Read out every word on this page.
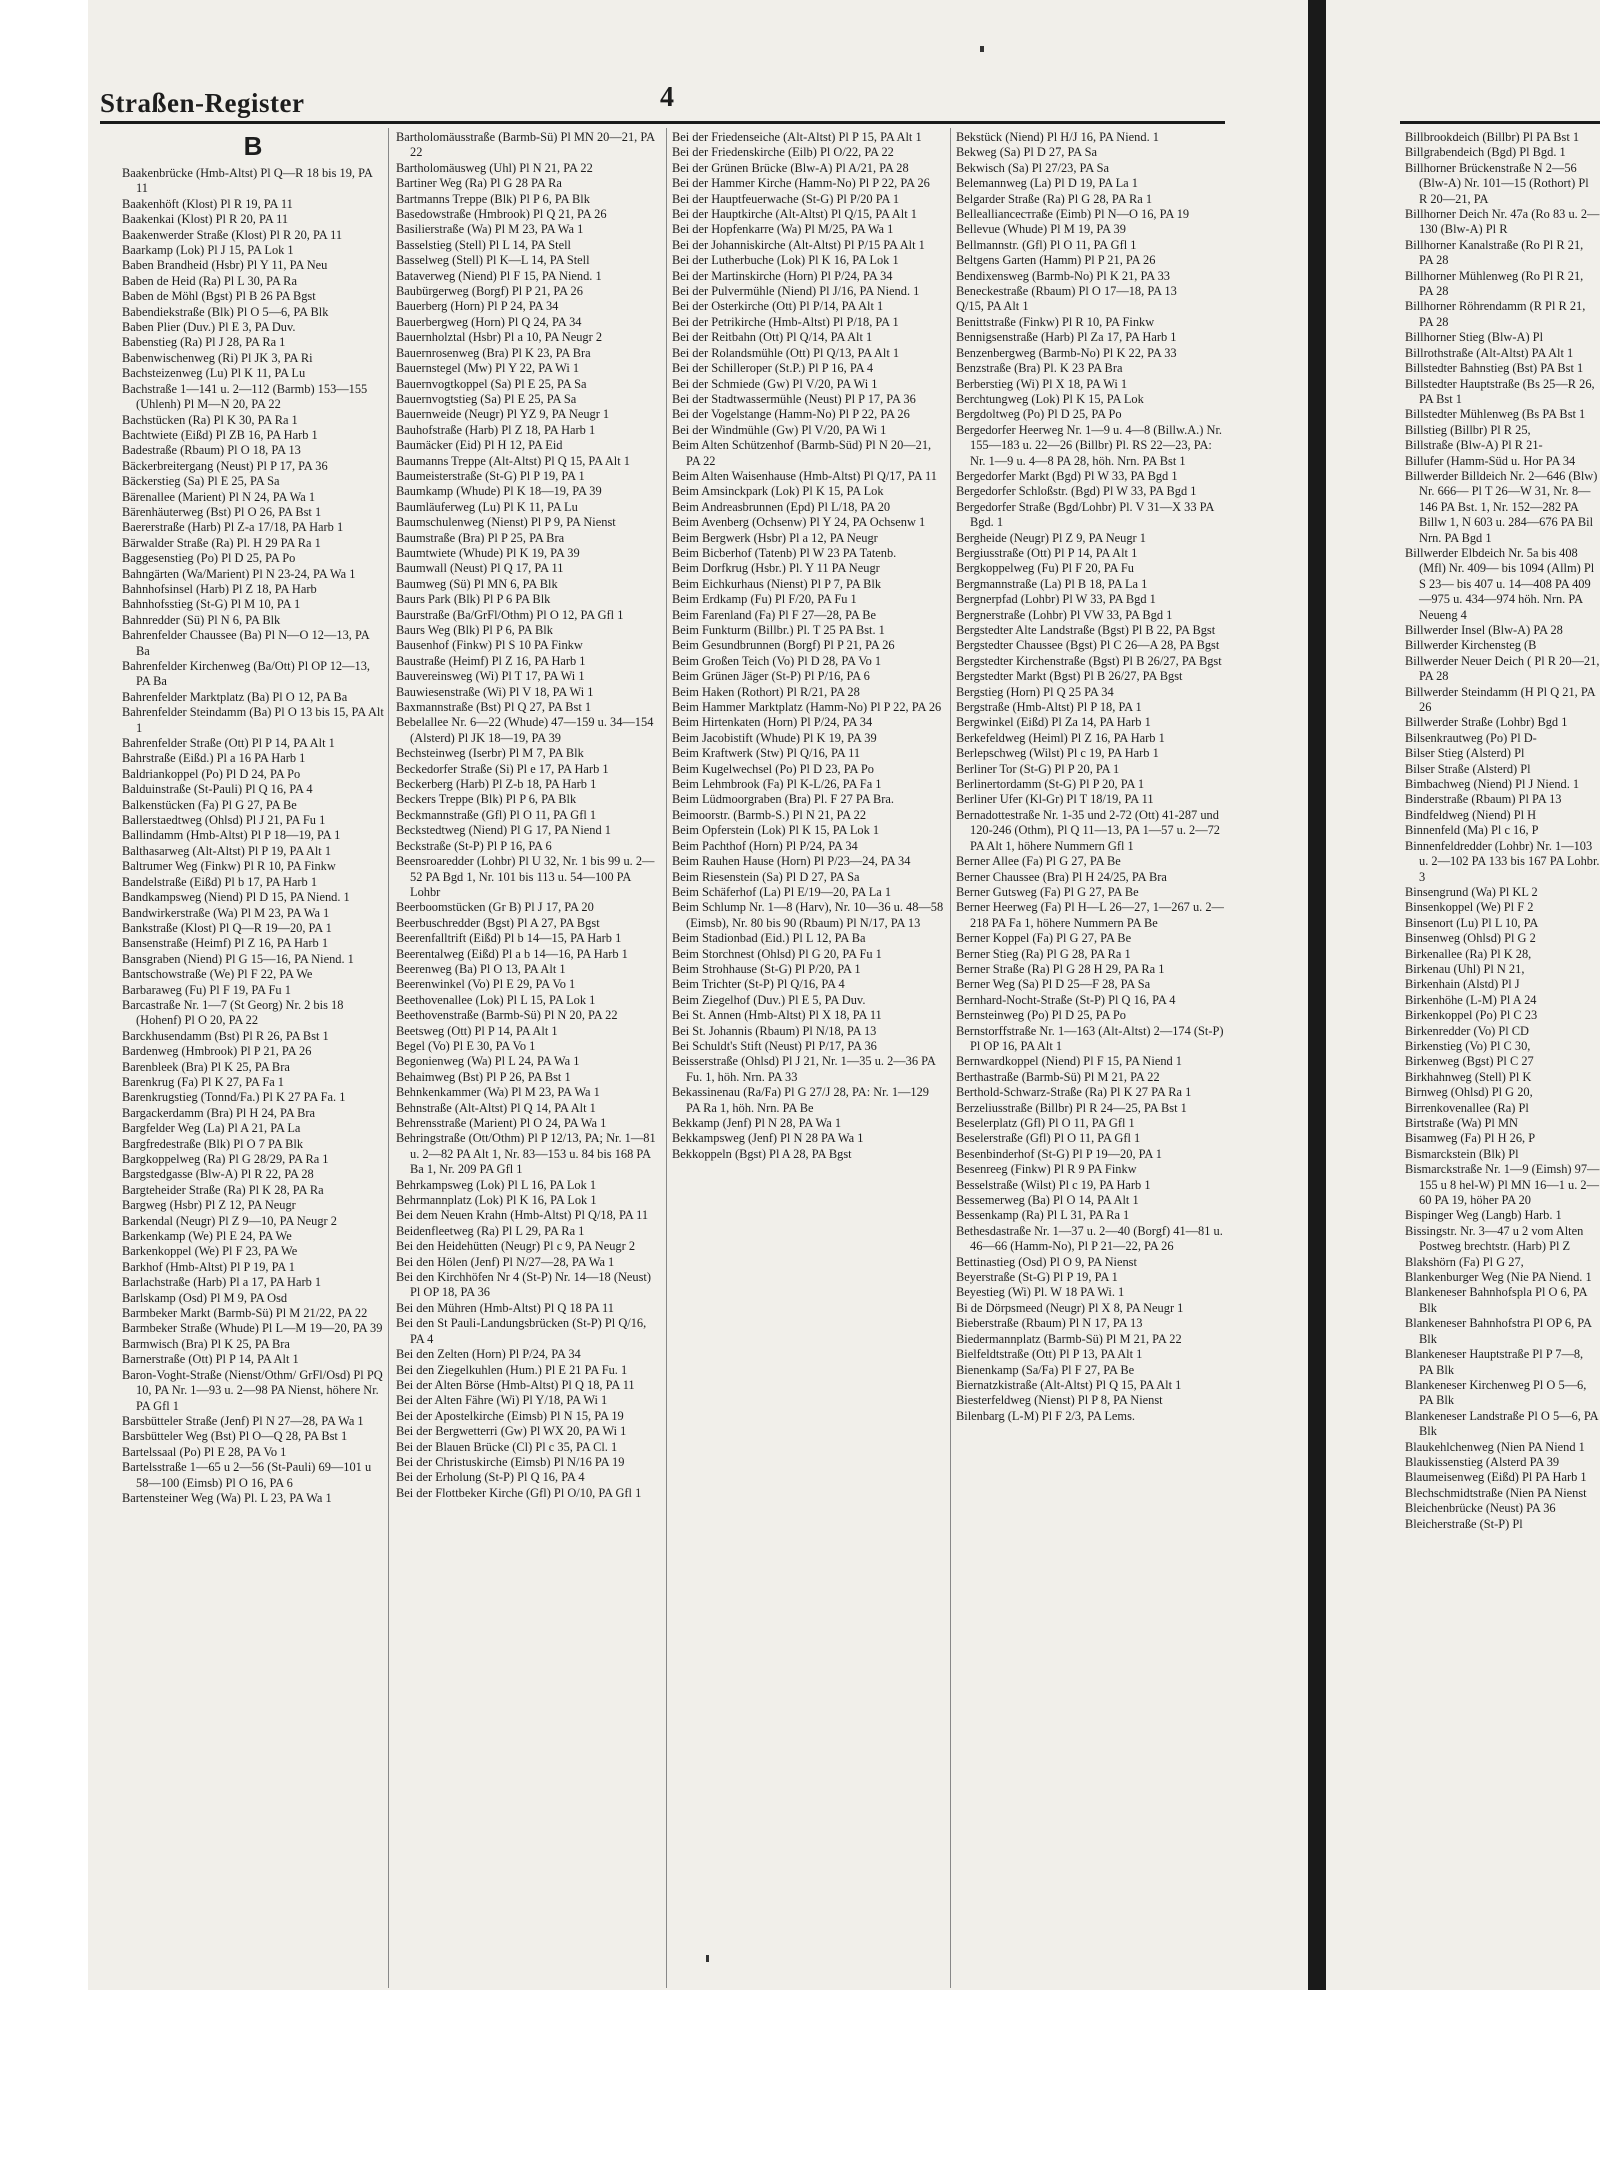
Straßen-Register	4
B

Baakenbrücke (Hmb-Altst) Pl Q—R 18 bis 19, PA 11

Baakenhöft (Klost) Pl R 19, PA 11

Baakenkai (Klost) Pl R 20, PA 11

Baakenwerder Straße (Klost) Pl R 20, PA 11

Baarkamp (Lok) Pl J 15, PA Lok 1

Baben Brandheid (Hsbr) Pl Y 11, PA Neu

Baben de Heid (Ra) Pl L 30, PA Ra

Baben de Möhl (Bgst) Pl B 26 PA Bgst

Babendiekstraße (Blk) Pl O 5—6, PA Blk

Baben Plier (Duv.) Pl E 3, PA Duv.

Babenstieg (Ra) Pl J 28, PA Ra 1

Babenwischenweg (Ri) Pl JK 3, PA Ri

Bachsteizenweg (Lu) Pl K 11, PA Lu

Bachstraße 1—141 u. 2—112 (Barmb) 153—155 (Uhlenh) Pl M—N 20, PA 22

Bachstücken (Ra) Pl K 30, PA Ra 1

Bachtwiete (Eißd) Pl ZB 16, PA Harb 1

Badestraße (Rbaum) Pl O 18, PA 13

Bäckerbreitergang (Neust) Pl P 17, PA 36

Bäckerstieg (Sa) Pl E 25, PA Sa

Bärenallee (Marient) Pl N 24, PA Wa 1

Bärenhäuterweg (Bst) Pl O 26, PA Bst 1

Baererstraße (Harb) Pl Z-a 17/18, PA Harb 1

Bärwalder Straße (Ra) Pl. H 29 PA Ra 1

Baggesenstieg (Po) Pl D 25, PA Po

Bahngärten (Wa/Marient) Pl N 23-24, PA Wa 1

Bahnhofsinsel (Harb) Pl Z 18, PA Harb

Bahnhofsstieg (St-G) Pl M 10, PA 1

Bahnredder (Sü) Pl N 6, PA Blk

Bahrenfelder Chaussee (Ba) Pl N—O 12—13, PA Ba

Bahrenfelder Kirchenweg (Ba/Ott) Pl OP 12—13, PA Ba

Bahrenfelder Marktplatz (Ba) Pl O 12, PA Ba

Bahrenfelder Steindamm (Ba) Pl O 13 bis 15, PA Alt 1

Bahrenfelder Straße (Ott) Pl P 14, PA Alt 1

Bahrstraße (Eißd.) Pl a 16 PA Harb 1

Baldriankoppel (Po) Pl D 24, PA Po

Balduinstraße (St-Pauli) Pl Q 16, PA 4

Balkenstücken (Fa) Pl G 27, PA Be

Ballerstaedtweg (Ohlsd) Pl J 21, PA Fu 1

Ballindamm (Hmb-Altst) Pl P 18—19, PA 1

Balthasarweg (Alt-Altst) Pl P 19, PA Alt 1

Baltrumer Weg (Finkw) Pl R 10, PA Finkw

Bandelstraße (Eißd) Pl b 17, PA Harb 1

Bandkampsweg (Niend) Pl D 15, PA Niend. 1

Bandwirkerstraße (Wa) Pl M 23, PA Wa 1

Bankstraße (Klost) Pl Q—R 19—20, PA 1

Bansenstraße (Heimf) Pl Z 16, PA Harb 1

Bansgraben (Niend) Pl G 15—16, PA Niend. 1

Bantschowstraße (We) Pl F 22, PA We

Barbaraweg (Fu) Pl F 19, PA Fu 1

Barcastraße Nr. 1—7 (St Georg) Nr. 2 bis 18 (Hohenf) Pl O 20, PA 22

Barckhusendamm (Bst) Pl R 26, PA Bst 1

Bardenweg (Hmbrook) Pl P 21, PA 26

Barenbleek (Bra) Pl K 25, PA Bra

Barenkrug (Fa) Pl K 27, PA Fa 1

Barenkrugstieg (Tonnd/Fa.) Pl K 27 PA Fa. 1

Bargackerdamm (Bra) Pl H 24, PA Bra

Bargfelder Weg (La) Pl A 21, PA La

Bargfredestraße (Blk) Pl O 7 PA Blk

Bargkoppelweg (Ra) Pl G 28/29, PA Ra 1

Bargstedgasse (Blw-A) Pl R 22, PA 28

Bargteheider Straße (Ra) Pl K 28, PA Ra

Bargweg (Hsbr) Pl Z 12, PA Neugr

Barkendal (Neugr) Pl Z 9—10, PA Neugr 2

Barkenkamp (We) Pl E 24, PA We

Barkenkoppel (We) Pl F 23, PA We

Barkhof (Hmb-Altst) Pl P 19, PA 1

Barlachstraße (Harb) Pl a 17, PA Harb 1

Barlskamp (Osd) Pl M 9, PA Osd

Barmbeker Markt (Barmb-Sü) Pl M 21/22, PA 22

Barmbeker Straße (Whude) Pl L—M 19—20, PA 39

Barmwisch (Bra) Pl K 25, PA Bra

Barnerstraße (Ott) Pl P 14, PA Alt 1

Baron-Voght-Straße (Nienst/Othm/ GrFl/Osd) Pl PQ 10, PA Nr. 1—93 u. 2—98 PA Nienst, höhere Nr. PA Gfl 1

Barsbütteler Straße (Jenf) Pl N 27—28, PA Wa 1

Barsbütteler Weg (Bst) Pl O—Q 28, PA Bst 1

Bartelssaal (Po) Pl E 28, PA Vo 1

Bartelsstraße 1—65 u 2—56 (St-Pauli) 69—101 u 58—100 (Eimsb) Pl O 16, PA 6

Bartensteiner Weg (Wa) Pl. L 23, PA Wa 1

Bartholomäusstraße (Barmb-Sü) Pl MN 20—21, PA 22

Bartholomäusweg (Uhl) Pl N 21, PA 22

Bartiner Weg (Ra) Pl G 28 PA Ra

Bartmanns Treppe (Blk) Pl P 6, PA Blk

Basedowstraße (Hmbrook) Pl Q 21, PA 26

Basilierstraße (Wa) Pl M 23, PA Wa 1

Basselstieg (Stell) Pl L 14, PA Stell

Basselweg (Stell) Pl K—L 14, PA Stell

Bataverweg (Niend) Pl F 15, PA Niend. 1

Baubürgerweg (Borgf) Pl P 21, PA 26

Bauerberg (Horn) Pl P 24, PA 34

Bauerbergweg (Horn) Pl Q 24, PA 34

Bauernholztal (Hsbr) Pl a 10, PA Neugr 2

Bauernrosenweg (Bra) Pl K 23, PA Bra

Bauernstegel (Mw) Pl Y 22, PA Wi 1

Bauernvogtkoppel (Sa) Pl E 25, PA Sa

Bauernvogtstieg (Sa) Pl E 25, PA Sa

Bauernweide (Neugr) Pl YZ 9, PA Neugr 1

Bauhofstraße (Harb) Pl Z 18, PA Harb 1

Baumäcker (Eid) Pl H 12, PA Eid

Baumanns Treppe (Alt-Altst) Pl Q 15, PA Alt 1

Baumeisterstraße (St-G) Pl P 19, PA 1

Baumkamp (Whude) Pl K 18—19, PA 39

Baumläuferweg (Lu) Pl K 11, PA Lu

Baumschulenweg (Nienst) Pl P 9, PA Nienst

Baumstraße (Bra) Pl P 25, PA Bra

Baumtwiete (Whude) Pl K 19, PA 39

Baumwall (Neust) Pl Q 17, PA 11

Baumweg (Sü) Pl MN 6, PA Blk

Baurs Park (Blk) Pl P 6 PA Blk

Baurstraße (Ba/GrFl/Othm) Pl O 12, PA Gfl 1

Baurs Weg (Blk) Pl P 6, PA Blk

Bausenhof (Finkw) Pl S 10 PA Finkw

Baustraße (Heimf) Pl Z 16, PA Harb 1

Bauvereinsweg (Wi) Pl T 17, PA Wi 1

Bauwiesenstraße (Wi) Pl V 18, PA Wi 1

Baxmannstraße (Bst) Pl Q 27, PA Bst 1

Bebelallee Nr. 6—22 (Whude) 47—159 u. 34—154 (Alsterd) Pl JK 18—19, PA 39

Bechsteinweg (Iserbr) Pl M 7, PA Blk

Beckedorfer Straße (Si) Pl e 17, PA Harb 1

Beckerberg (Harb) Pl Z-b 18, PA Harb 1

Beckers Treppe (Blk) Pl P 6, PA Blk

Beckmannstraße (Gfl) Pl O 11, PA Gfl 1

Beckstedtweg (Niend) Pl G 17, PA Niend 1

Beckstraße (St-P) Pl P 16, PA 6

Beensroaredder (Lohbr) Pl U 32, Nr. 1 bis 99 u. 2—52 PA Bgd 1, Nr. 101 bis 113 u. 54—100 PA Lohbr

Beerboomstücken (Gr B) Pl J 17, PA 20

Beerbuschredder (Bgst) Pl A 27, PA Bgst

Beerenfalltrift (Eißd) Pl b 14—15, PA Harb 1

Beerentalweg (Eißd) Pl a b 14—16, PA Harb 1

Beerenweg (Ba) Pl O 13, PA Alt 1

Beerenwinkel (Vo) Pl E 29, PA Vo 1

Beethovenallee (Lok) Pl L 15, PA Lok 1

Beethovenstraße (Barmb-Sü) Pl N 20, PA 22

Beetsweg (Ott) Pl P 14, PA Alt 1

Begel (Vo) Pl E 30, PA Vo 1

Begonienweg (Wa) Pl L 24, PA Wa 1

Behaimweg (Bst) Pl P 26, PA Bst 1

Behnkenkammer (Wa) Pl M 23, PA Wa 1

Behnstraße (Alt-Altst) Pl Q 14, PA Alt 1

Behrensstraße (Marient) Pl O 24, PA Wa 1

Behringstraße (Ott/Othm) Pl P 12/13, PA; Nr. 1—81 u. 2—82 PA Alt 1, Nr. 83—153 u. 84 bis 168 PA Ba 1, Nr. 209 PA Gfl 1

Behrkampsweg (Lok) Pl L 16, PA Lok 1

Behrmannplatz (Lok) Pl K 16, PA Lok 1

Bei dem Neuen Krahn (Hmb-Altst) Pl Q/18, PA 11

Beidenfleetweg (Ra) Pl L 29, PA Ra 1

Bei den Heidehütten (Neugr) Pl c 9, PA Neugr 2

Bei den Hölen (Jenf) Pl N/27—28, PA Wa 1

Bei den Kirchhöfen Nr 4 (St-P) Nr. 14—18 (Neust) Pl OP 18, PA 36

Bei den Mühren (Hmb-Altst) Pl Q 18 PA 11

Bei den St Pauli-Landungsbrücken (St-P) Pl Q/16, PA 4

Bei den Zelten (Horn) Pl P/24, PA 34

Bei den Ziegelkuhlen (Hum.) Pl E 21 PA Fu. 1

Bei der Alten Börse (Hmb-Altst) Pl Q 18, PA 11

Bei der Alten Fähre (Wi) Pl Y/18, PA Wi 1

Bei der Apostelkirche (Eimsb) Pl N 15, PA 19

Bei der Bergwetterri (Gw) Pl WX 20, PA Wi 1

Bei der Blauen Brücke (Cl) Pl c 35, PA Cl. 1

Bei der Christuskirche (Eimsb) Pl N/16 PA 19

Bei der Erholung (St-P) Pl Q 16, PA 4

Bei der Flottbeker Kirche (Gfl) Pl O/10, PA Gfl 1

Bei der Friedenseiche (Alt-Altst) Pl P 15, PA Alt 1

Bei der Friedenskirche (Eilb) Pl O/22, PA 22

Bei der Grünen Brücke (Blw-A) Pl A/21, PA 28

Bei der Hammer Kirche (Hamm-No) Pl P 22, PA 26

Bei der Hauptfeuerwache (St-G) Pl P/20 PA 1

Bei der Hauptkirche (Alt-Altst) Pl Q/15, PA Alt 1

Bei der Hopfenkarre (Wa) Pl M/25, PA Wa 1

Bei der Johanniskirche (Alt-Altst) Pl P/15 PA Alt 1

Bei der Lutherbuche (Lok) Pl K 16, PA Lok 1

Bei der Martinskirche (Horn) Pl P/24, PA 34

Bei der Pulvermühle (Niend) Pl J/16, PA Niend. 1

Bei der Osterkirche (Ott) Pl P/14, PA Alt 1

Bei der Petrikirche (Hmb-Altst) Pl P/18, PA 1

Bei der Reitbahn (Ott) Pl Q/14, PA Alt 1

Bei der Rolandsmühle (Ott) Pl Q/13, PA Alt 1

Bei der Schilleroper (St.P.) Pl P 16, PA 4

Bei der Schmiede (Gw) Pl V/20, PA Wi 1

Bei der Stadtwassermühle (Neust) Pl P 17, PA 36

Bei der Vogelstange (Hamm-No) Pl P 22, PA 26

Bei der Windmühle (Gw) Pl V/20, PA Wi 1

Beim Alten Schützenhof (Barmb-Süd) Pl N 20—21, PA 22

Beim Alten Waisenhause (Hmb-Altst) Pl Q/17, PA 11

Beim Amsinckpark (Lok) Pl K 15, PA Lok

Beim Andreasbrunnen (Epd) Pl L/18, PA 20

Beim Avenberg (Ochsenw) Pl Y 24, PA Ochsenw 1

Beim Bergwerk (Hsbr) Pl a 12, PA Neugr

Beim Bicberhof (Tatenb) Pl W 23 PA Tatenb.

Beim Dorfkrug (Hsbr.) Pl. Y 11 PA Neugr

Beim Eichkurhaus (Nienst) Pl P 7, PA Blk

Beim Erdkamp (Fu) Pl F/20, PA Fu 1

Beim Farenland (Fa) Pl F 27—28, PA Be

Beim Funkturm (Billbr.) Pl. T 25 PA Bst. 1

Beim Gesundbrunnen (Borgf) Pl P 21, PA 26

Beim Großen Teich (Vo) Pl D 28, PA Vo 1

Beim Grünen Jäger (St-P) Pl P/16, PA 6

Beim Haken (Rothort) Pl R/21, PA 28

Beim Hammer Marktplatz (Hamm-No) Pl P 22, PA 26

Beim Hirtenkaten (Horn) Pl P/24, PA 34

Beim Jacobistift (Whude) Pl K 19, PA 39

Beim Kraftwerk (Stw) Pl Q/16, PA 11

Beim Kugelwechsel (Po) Pl D 23, PA Po

Beim Lehmbrook (Fa) Pl K-L/26, PA Fa 1

Beim Lüdmoorgraben (Bra) Pl. F 27 PA Bra.

Beimoorstr. (Barmb-S.) Pl N 21, PA 22

Beim Opferstein (Lok) Pl K 15, PA Lok 1

Beim Pachthof (Horn) Pl P/24, PA 34

Beim Rauhen Hause (Horn) Pl P/23—24, PA 34

Beim Riesenstein (Sa) Pl D 27, PA Sa

Beim Schäferhof (La) Pl E/19—20, PA La 1

Beim Schlump Nr. 1—8 (Harv), Nr. 10—36 u. 48—58 (Eimsb), Nr. 80 bis 90 (Rbaum) Pl N/17, PA 13

Beim Stadionbad (Eid.) Pl L 12, PA Ba

Beim Storchnest (Ohlsd) Pl G 20, PA Fu 1

Beim Strohhause (St-G) Pl P/20, PA 1

Beim Trichter (St-P) Pl Q/16, PA 4

Beim Ziegelhof (Duv.) Pl E 5, PA Duv.

Bei St. Annen (Hmb-Altst) Pl X 18, PA 11

Bei St. Johannis (Rbaum) Pl N/18, PA 13

Bei Schuldt's Stift (Neust) Pl P/17, PA 36

Beisserstraße (Ohlsd) Pl J 21, Nr. 1—35 u. 2—36 PA Fu. 1, höh. Nrn. PA 33

Bekassinenau (Ra/Fa) Pl G 27/J 28, PA: Nr. 1—129 PA Ra 1, höh. Nrn. PA Be

Bekkamp (Jenf) Pl N 28, PA Wa 1

Bekkampsweg (Jenf) Pl N 28 PA Wa 1

Bekkoppeln (Bgst) Pl A 28, PA Bgst

Bekstück (Niend) Pl H/J 16, PA Niend. 1

Bekweg (Sa) Pl D 27, PA Sa

Bekwisch (Sa) Pl 27/23, PA Sa

Belemannweg (La) Pl D 19, PA La 1

Belgarder Straße (Ra) Pl G 28, PA Ra 1

Belleallianceстraße (Eimb) Pl N—O 16, PA 19

Bellevue (Whude) Pl M 19, PA 39

Bellmannstr. (Gfl) Pl O 11, PA Gfl 1

Beltgens Garten (Hamm) Pl P 21, PA 26

Bendixensweg (Barmb-No) Pl K 21, PA 33

Beneckestraße (Rbaum) Pl O 17—18, PA 13

Q/15, PA Alt 1

Benittstraße (Finkw) Pl R 10, PA Finkw

Bennigsenstraße (Harb) Pl Za 17, PA Harb 1

Benzenbergweg (Barmb-No) Pl K 22, PA 33

Benzstraße (Bra) Pl. K 23 PA Bra

Berberstieg (Wi) Pl X 18, PA Wi 1

Berchtungweg (Lok) Pl K 15, PA Lok

Bergdoltweg (Po) Pl D 25, PA Po

Bergedorfer Heerweg Nr. 1—9 u. 4—8 (Billw.A.) Nr. 155—183 u. 22—26 (Billbr) Pl. RS 22—23, PA: Nr. 1—9 u. 4—8 PA 28, höh. Nrn. PA Bst 1

Bergedorfer Markt (Bgd) Pl W 33, PA Bgd 1

Bergedorfer Schloßstr. (Bgd) Pl W 33, PA Bgd 1

Bergedorfer Straße (Bgd/Lohbr) Pl. V 31—X 33 PA Bgd. 1

Bergheide (Neugr) Pl Z 9, PA Neugr 1

Bergiusstraße (Ott) Pl P 14, PA Alt 1

Bergkoppelweg (Fu) Pl F 20, PA Fu

Bergmannstraße (La) Pl B 18, PA La 1

Bergnerpfad (Lohbr) Pl W 33, PA Bgd 1

Bergnerstraße (Lohbr) Pl VW 33, PA Bgd 1

Bergstedter Alte Landstraße (Bgst) Pl B 22, PA Bgst

Bergstedter Chaussee (Bgst) Pl C 26—A 28, PA Bgst

Bergstedter Kirchenstraße (Bgst) Pl B 26/27, PA Bgst

Bergstedter Markt (Bgst) Pl B 26/27, PA Bgst

Bergstieg (Horn) Pl Q 25 PA 34

Bergstraße (Hmb-Altst) Pl P 18, PA 1

Bergwinkel (Eißd) Pl Za 14, PA Harb 1

Berkefeldweg (Heiml) Pl Z 16, PA Harb 1

Berlepschweg (Wilst) Pl c 19, PA Harb 1

Berliner Tor (St-G) Pl P 20, PA 1

Berlinertordamm (St-G) Pl P 20, PA 1

Berliner Ufer (Kl-Gr) Pl T 18/19, PA 11

Bernadottestraße Nr. 1-35 und 2-72 (Ott) 41-287 und 120-246 (Othm), Pl Q 11—13, PA 1—57 u. 2—72 PA Alt 1, höhere Nummern Gfl 1

Berner Allee (Fa) Pl G 27, PA Be

Berner Chaussee (Bra) Pl H 24/25, PA Bra

Berner Gutsweg (Fa) Pl G 27, PA Be

Berner Heerweg (Fa) Pl H—L 26—27, 1—267 u. 2—218 PA Fa 1, höhere Nummern PA Be

Berner Koppel (Fa) Pl G 27, PA Be

Berner Stieg (Ra) Pl G 28, PA Ra 1

Berner Straße (Ra) Pl G 28 H 29, PA Ra 1

Berner Weg (Sa) Pl D 25—F 28, PA Sa

Bernhard-Nocht-Straße (St-P) Pl Q 16, PA 4

Bernsteinweg (Po) Pl D 25, PA Po

Bernstorffstraße Nr. 1—163 (Alt-Altst) 2—174 (St-P) Pl OP 16, PA Alt 1

Bernwardkoppel (Niend) Pl F 15, PA Niend 1

Berthastraße (Barmb-Sü) Pl M 21, PA 22

Berthold-Schwarz-Straße (Ra) Pl K 27 PA Ra 1

Berzeliusstraße (Billbr) Pl R 24—25, PA Bst 1

Beselerplatz (Gfl) Pl O 11, PA Gfl 1

Beselerstraße (Gfl) Pl O 11, PA Gfl 1

Besenbinderhof (St-G) Pl P 19—20, PA 1

Besenreeg (Finkw) Pl R 9 PA Finkw

Besselstraße (Wilst) Pl c 19, PA Harb 1

Bessemerweg (Ba) Pl O 14, PA Alt 1

Bessenkamp (Ra) Pl L 31, PA Ra 1

Bethesdastraße Nr. 1—37 u. 2—40 (Borgf) 41—81 u. 46—66 (Hamm-No), Pl P 21—22, PA 26

Bettinastieg (Osd) Pl O 9, PA Nienst

Beyerstraße (St-G) Pl P 19, PA 1

Beyestieg (Wi) Pl. W 18 PA Wi. 1

Bi de Dörpsmeed (Neugr) Pl X 8, PA Neugr 1

Bieberstraße (Rbaum) Pl N 17, PA 13

Biedermannplatz (Barmb-Sü) Pl M 21, PA 22

Bielfeldtstraße (Ott) Pl P 13, PA Alt 1

Bienenkamp (Sa/Fa) Pl F 27, PA Be

Biernatzkistraße (Alt-Altst) Pl Q 15, PA Alt 1

Biesterfeldweg (Nienst) Pl P 8, PA Nienst

Bilenbarg (L-M) Pl F 2/3, PA Lems.

Billbrookdeich (Billbr) Pl PA Bst 1

Billgrabendeich (Bgd) Pl Bgd. 1

Billhorner Brückenstraße N 2—56 (Blw-A) Nr. 101—15 (Rothort) Pl R 20—21, PA

Billhorner Deich Nr. 47a (Ro 83 u. 2—130 (Blw-A) Pl R

Billhorner Kanalstraße (Ro Pl R 21, PA 28

Billhorner Mühlenweg (Ro Pl R 21, PA 28

Billhorner Röhrendamm (R Pl R 21, PA 28

Billhorner Stieg (Blw-A) Pl

Billrothstraße (Alt-Altst) PA Alt 1

Billstedter Bahnstieg (Bst) PA Bst 1

Billstedter Hauptstraße (Bs 25—R 26, PA Bst 1

Billstedter Mühlenweg (Bs PA Bst 1

Billstieg (Billbr) Pl R 25,

Billstraße (Blw-A) Pl R 21-

Billufer (Hamm-Süd u. Hor PA 34

Billwerder Billdeich Nr. 2—646 (Blw) Nr. 666— Pl T 26—W 31, Nr. 8—146 PA Bst. 1, Nr. 152—282 PA Billw 1, N 603 u. 284—676 PA Bil Nrn. PA Bgd 1

Billwerder Elbdeich Nr. 5a bis 408 (Mfl) Nr. 409— bis 1094 (Allm) Pl S 23— bis 407 u. 14—408 PA 409—975 u. 434—974 höh. Nrn. PA Neueng 4

Billwerder Insel (Blw-A) PA 28

Billwerder Kirchensteg (B

Billwerder Neuer Deich ( Pl R 20—21, PA 28

Billwerder Steindamm (H Pl Q 21, PA 26

Billwerder Straße (Lohbr) Bgd 1

Bilsenkrautweg (Po) Pl D-

Bilser Stieg (Alsterd) Pl

Bilser Straße (Alsterd) Pl

Bimbachweg (Niend) Pl J Niend. 1

Binderstraße (Rbaum) Pl PA 13

Bindfeldweg (Niend) Pl H

Binnenfeld (Ma) Pl c 16, P

Binnenfeldredder (Lohbr) Nr. 1—103 u. 2—102 PA 133 bis 167 PA Lohbr. 3

Binsengrund (Wa) Pl KL 2

Binsenkoppel (We) Pl F 2

Binsenort (Lu) Pl L 10, PA

Binsenweg (Ohlsd) Pl G 2

Birkenallee (Ra) Pl K 28,

Birkenau (Uhl) Pl N 21,

Birkenhain (Alstd) Pl J

Birkenhöhe (L-M) Pl A 24

Birkenkoppel (Po) Pl C 23

Birkenredder (Vo) Pl CD

Birkenstieg (Vo) Pl C 30,

Birkenweg (Bgst) Pl C 27

Birkhahnweg (Stell) Pl K

Birnweg (Ohlsd) Pl G 20,

Birrenkovenallee (Ra) Pl

Birtstraße (Wa) Pl MN

Bisamweg (Fa) Pl H 26, P

Bismarckstein (Blk) Pl

Bismarckstraße Nr. 1—9 (Eimsh) 97—155 u 8 hel-W) Pl MN 16—1 u. 2—60 PA 19, höher PA 20

Bispinger Weg (Langb) Harb. 1

Bissingstr. Nr. 3—47 u 2 vom Alten Postweg brechtstr. (Harb) Pl Z

Blakshörn (Fa) Pl G 27,

Blankenburger Weg (Nie PA Niend. 1

Blankeneser Bahnhofspla Pl O 6, PA Blk

Blankeneser Bahnhofstra Pl OP 6, PA Blk

Blankeneser Hauptstraße Pl P 7—8, PA Blk

Blankeneser Kirchenweg Pl O 5—6, PA Blk

Blankeneser Landstraße Pl O 5—6, PA Blk

Blaukehlchenweg (Nien PA Niend 1

Blaukissenstieg (Alsterd PA 39

Blaumeisenweg (Eißd) Pl PA Harb 1

Blechschmidtstraße (Nien PA Nienst

Bleichenbrücke (Neust) PA 36

Bleicherstraße (St-P) Pl
